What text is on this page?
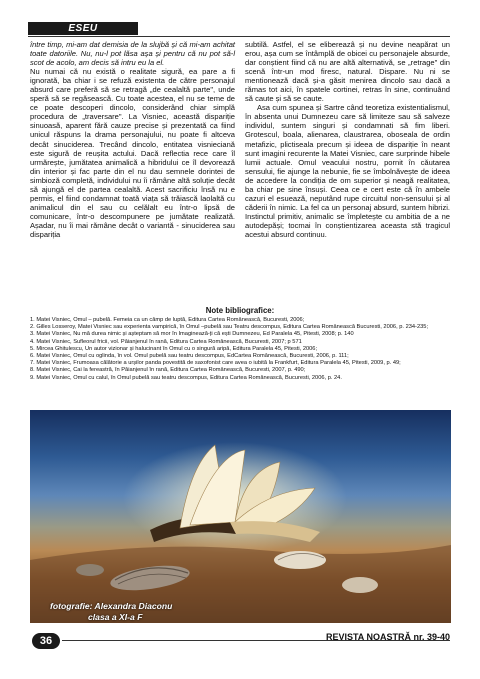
ESEU

între timp, mi-am dat demisia de la slujbă și că mi-am achitat toate datoriile. Nu, nu-l pot lăsa așa și pentru că nu pot să-l scot de acolo, am decis să intru eu la el.

Nu numai că nu există o realitate sigură, ea pare a fi ignorată, ba chiar i se refuză existenta de către personajul absurd care preferă să se retragă „de cealaltă parte", unde speră să se regăsească. Cu toate acestea, el nu se teme de ce poate descoperi dincolo, considerând chiar simplă procedura de „traversare". La Visniec, această dispariție sinuoasă, aparent fără cauze precise și prezentată ca fiind unicul răspuns la drama personajului, nu poate fi altceva decât sinuciderea. Trecând dincolo, entitatea visnieciană este sigură de reușita actului. Dacă reflectia rece care îl urmărește, jumătatea animalică a hibridului ce îl devorează din interior și fac parte din el nu dau semnele dorintei de simbioză completă, individului nu îi rămâne altă soluție decât să ajungă el de partea cealaltă. Acest sacrificiu însă nu e permis, el fiind condamnat toată viața să trăiască laolaltă cu animalicul din el sau cu celălalt eu într-o lipsă de comunicare, într-o descompunere pe jumătate realizată. Așadar, nu îi mai rămâne decât o variantă - sinuciderea sau dispariția

subtilă. Astfel, el se elibereazâ și nu devine neapărat un erou, așa cum se întâmplă de obicei cu personajele absurde, dar conștient fiind că nu are altă alternativă, se „retrage" din scenă într-un mod firesc, natural. Dispare. Nu ni se mentionează dacă și-a găsit menirea dincolo sau dacă a rămas tot aici, în spatele cortinei, retras în sine, continuând să caute și să se caute.

Asa cum spunea și Sartre când teoretiza existentialismul, în absenta unui Dumnezeu care să limiteze sau să salveze individul, suntem singuri și condamnati să fim liberi. Grotescul, boala, alienarea, claustrarea, oboseala de ordin metafizic, plictiseala precum și ideea de dispariție în neant sunt imagini recurente la Matei Visniec, care surprinde hibele lumii actuale. Omul veacului nostru, pornit în căutarea sensului, fie ajunge la nebunie, fie se îmbolnăvește de ideea de accedere la condiția de om superior și neagă realitatea, ba chiar pe sine însuși. Ceea ce e cert este că în ambele cazuri el esuează, neputând rupe circuitul non-sensului și al căderii în nimic. La fel ca un personaj absurd, suntem hibrizi. Instinctul primitiv, animalic se împletește cu ambitia de a ne autodepăși; tocmai în conștientizarea aceasta stă tragicul acestui absurd continuu.

Note bibliografice:
1. Matei Visniec, Omul – pubelă. Femeia ca un câmp de luptă, Editura Cartea Românească, Bucuresti, 2006;
2. Gilles Losseroy, Matei Visniec sau experienta vampirică, în Omul –pubelă sau Teatru descompus, Editura Cartea Românească Bucuresti, 2006, p. 234-235;
3. Matei Visniec, Nu mă durea nimic și așteptam să mor în Imaginează-ți că ești Dumnezeu, Ed Paralela 45, Pitesti, 2008; p. 140
4. Matei Visniec, Sufleorul fricii, vol. Păianjenul în rană, Editura Cartea Românească, Bucuresti, 2007; p 571
5. Mircea Ghitulescu, Un autor vizionar și halucinant în Omul cu o singură aripă, Editura Paralela 45, Pitesti, 2006;
6. Matei Visniec, Omul cu oglinda, în vol. Omul pubelă sau teatru descompus, EdCartea Românească, Bucuresti, 2006, p. 111;
7. Matei Visniec, Frumoasa călătorie a urșilor panda povestită de saxofonist care avea o iubită la Frankfurt, Editura Paralela 45, Pitesti, 2009, p. 49;
8. Matei Visniec, Cai la fereastră, în Păianjenul în rană, Editura Cartea Românească, Bucuresti, 2007, p. 490;
9. Matei Visniec, Omul cu calul, în Omul pubelă sau teatru descompus, Editura Cartea Românească, Bucuresti, 2006, p. 24.
fotografie: Alexandra Diaconu
clasa a XI-a F
36	REVISTA NOASTRĂ nr. 39-40
